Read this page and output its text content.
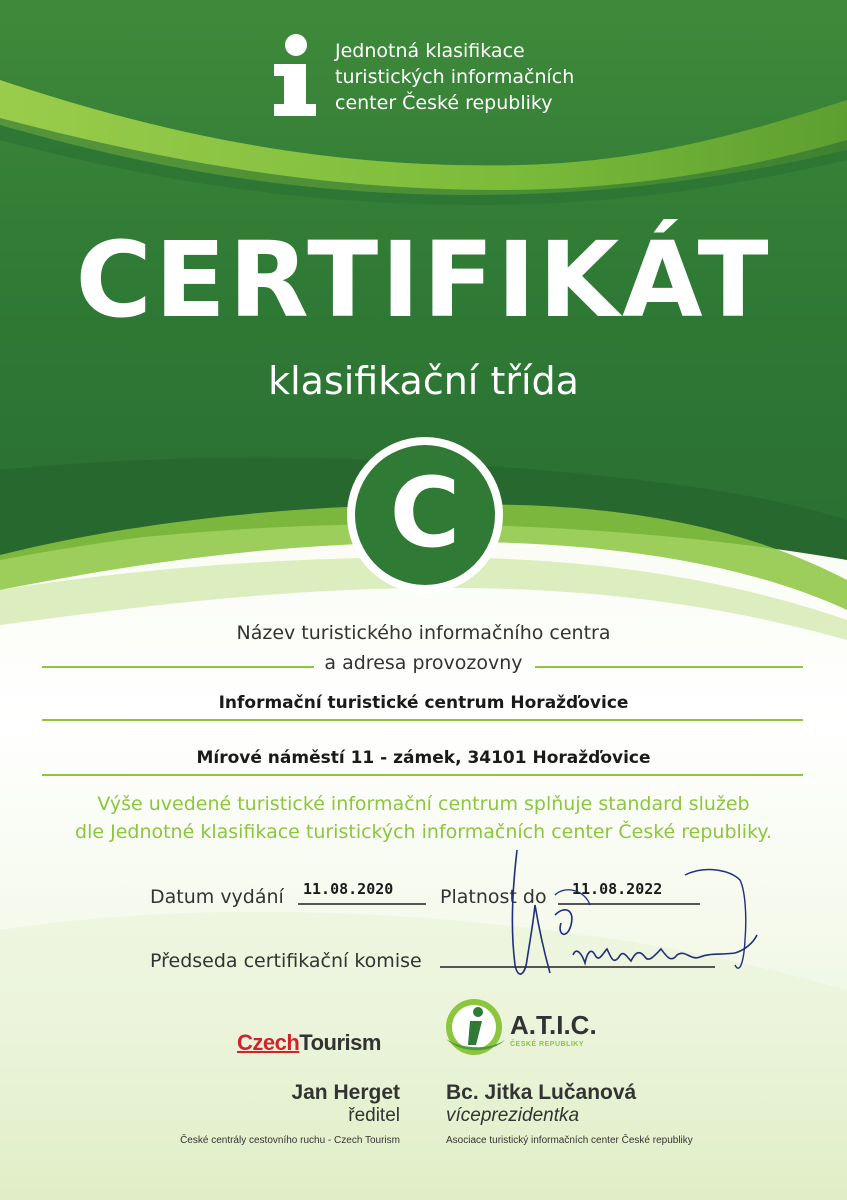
Jednotná klasifikace
turistických informačních
center České republiky
CERTIFIKÁT
klasifikační třída
C
Název turistického informačního centra
a adresa provozovny
Informační turistické centrum Horažďovice
Mírové náměstí 11 - zámek, 34101 Horažďovice
Výše uvedené turistické informační centrum splňuje standard služeb
dle Jednotné klasifikace turistických informačních center České republiky.
Datum vydání 11.08.2020 Platnost do 11.08.2022
Předseda certifikační komise
CzechTourism
A.T.I.C.
ČESKÉ REPUBLIKY
Jan Herget
ředitel
České centrály cestovního ruchu - Czech Tourism
Bc. Jitka Lučanová
víceprezidentka
Asociace turistický informačních center České republiky
